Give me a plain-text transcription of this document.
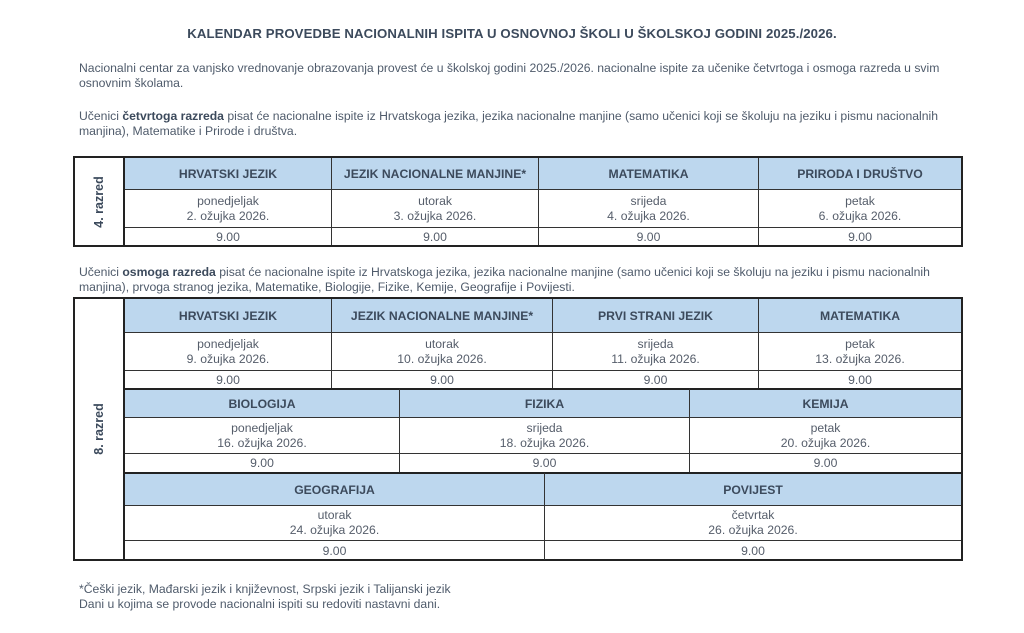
KALENDAR PROVEDBE NACIONALNIH ISPITA U OSNOVNOJ ŠKOLI U ŠKOLSKOJ GODINI 2025./2026.
Nacionalni centar za vanjsko vrednovanje obrazovanja provest će u školskoj godini 2025./2026. nacionalne ispite za učenike četvrtoga i osmoga razreda u svim osnovnim školama.
Učenici četvrtoga razreda pisat će nacionalne ispite iz Hrvatskoga jezika, jezika nacionalne manjine (samo učenici koji se školuju na jeziku i pismu nacionalnih manjina), Matematike i Prirode i društva.
4. razred
HRVATSKI JEZIK
ponedjeljak
2. ožujka 2026.
9.00
JEZIK NACIONALNE MANJINE*
utorak
3. ožujka 2026.
9.00
MATEMATIKA
srijeda
4. ožujka 2026.
9.00
PRIRODA I DRUŠTVO
petak
6. ožujka 2026.
9.00
Učenici osmoga razreda pisat će nacionalne ispite iz Hrvatskoga jezika, jezika nacionalne manjine (samo učenici koji se školuju na jeziku i pismu nacionalnih manjina), prvoga stranog jezika, Matematike, Biologije, Fizike, Kemije, Geografije i Povijesti.
8. razred
HRVATSKI JEZIK
ponedjeljak
9. ožujka 2026.
9.00
JEZIK NACIONALNE MANJINE*
utorak
10. ožujka 2026.
9.00
PRVI STRANI JEZIK
srijeda
11. ožujka 2026.
9.00
MATEMATIKA
petak
13. ožujka 2026.
9.00
BIOLOGIJA
ponedjeljak
16. ožujka 2026.
9.00
FIZIKA
srijeda
18. ožujka 2026.
9.00
KEMIJA
petak
20. ožujka 2026.
9.00
GEOGRAFIJA
utorak
24. ožujka 2026.
9.00
POVIJEST
četvrtak
26. ožujka 2026.
9.00
*Češki jezik, Mađarski jezik i književnost, Srpski jezik i Talijanski jezik
Dani u kojima se provode nacionalni ispiti su redoviti nastavni dani.
